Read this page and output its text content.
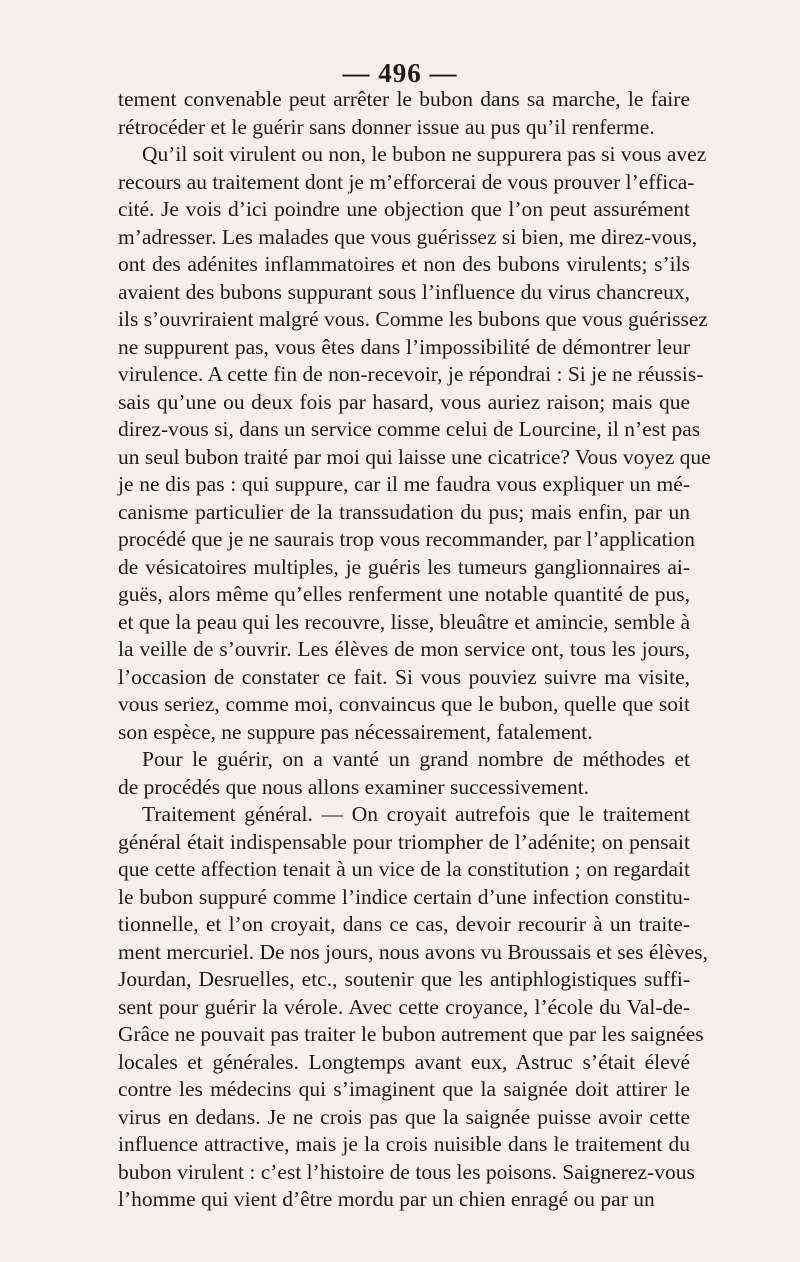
— 496 —
tement convenable peut arrêter le bubon dans sa marche, le faire
rétrocéder et le guérir sans donner issue au pus qu’il renferme.
Qu’il soit virulent ou non, le bubon ne suppurera pas si vous avez
recours au traitement dont je m’efforcerai de vous prouver l’effica-
cité. Je vois d’ici poindre une objection que l’on peut assurément
m’adresser. Les malades que vous guérissez si bien, me direz-vous,
ont des adénites inflammatoires et non des bubons virulents; s’ils
avaient des bubons suppurant sous l’influence du virus chancreux,
ils s’ouvriraient malgré vous. Comme les bubons que vous guérissez
ne suppurent pas, vous êtes dans l’impossibilité de démontrer leur
virulence. A cette fin de non-recevoir, je répondrai : Si je ne réussis-
sais qu’une ou deux fois par hasard, vous auriez raison; mais que
direz-vous si, dans un service comme celui de Lourcine, il n’est pas
un seul bubon traité par moi qui laisse une cicatrice? Vous voyez que
je ne dis pas : qui suppure, car il me faudra vous expliquer un mé-
canisme particulier de la transsudation du pus; mais enfin, par un
procédé que je ne saurais trop vous recommander, par l’application
de vésicatoires multiples, je guéris les tumeurs ganglionnaires ai-
guës, alors même qu’elles renferment une notable quantité de pus,
et que la peau qui les recouvre, lisse, bleuâtre et amincie, semble à
la veille de s’ouvrir. Les élèves de mon service ont, tous les jours,
l’occasion de constater ce fait. Si vous pouviez suivre ma visite,
vous seriez, comme moi, convaincus que le bubon, quelle que soit
son espèce, ne suppure pas nécessairement, fatalement.
Pour le guérir, on a vanté un grand nombre de méthodes et
de procédés que nous allons examiner successivement.
Traitement général. — On croyait autrefois que le traitement
général était indispensable pour triompher de l’adénite; on pensait
que cette affection tenait à un vice de la constitution ; on regardait
le bubon suppuré comme l’indice certain d’une infection constitu-
tionnelle, et l’on croyait, dans ce cas, devoir recourir à un traite-
ment mercuriel. De nos jours, nous avons vu Broussais et ses élèves,
Jourdan, Desruelles, etc., soutenir que les antiphlogistiques suffi-
sent pour guérir la vérole. Avec cette croyance, l’école du Val-de-
Grâce ne pouvait pas traiter le bubon autrement que par les saignées
locales et générales. Longtemps avant eux, Astruc s’était élevé
contre les médecins qui s’imaginent que la saignée doit attirer le
virus en dedans. Je ne crois pas que la saignée puisse avoir cette
influence attractive, mais je la crois nuisible dans le traitement du
bubon virulent : c’est l’histoire de tous les poisons. Saignerez-vous
l’homme qui vient d’être mordu par un chien enragé ou par un
